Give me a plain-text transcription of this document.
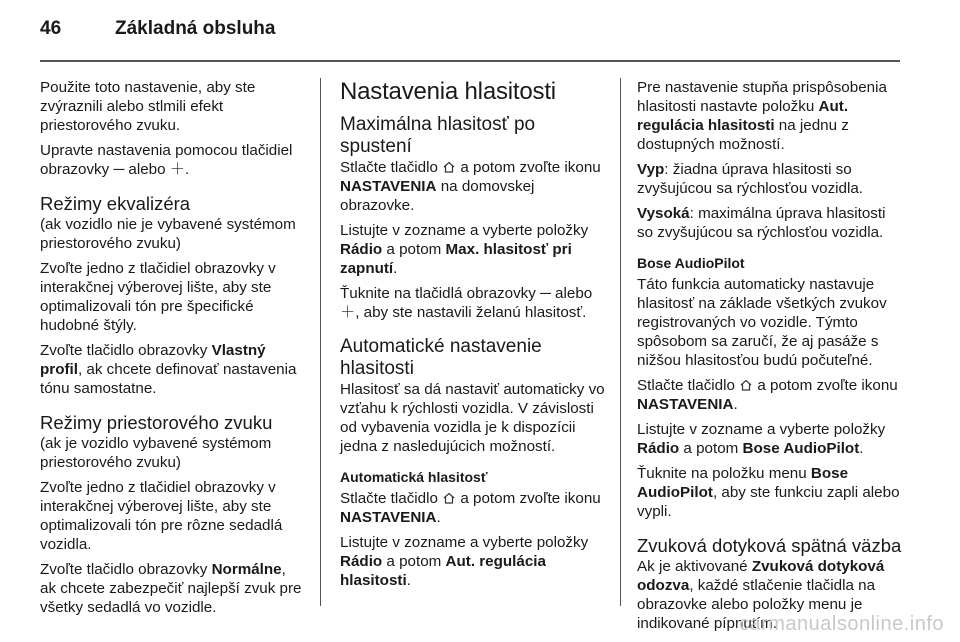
46	Základná obsluha

Použite toto nastavenie, aby ste zvýraznili alebo stlmili efekt priestorového zvuku.

Upravte nastavenia pomocou tlačidiel obrazovky ─ alebo ＋.

Režimy ekvalizéra

(ak vozidlo nie je vybavené systémom priestorového zvuku)

Zvoľte jedno z tlačidiel obrazovky v interakčnej výberovej lište, aby ste optimalizovali tón pre špecifické hudobné štýly.

Zvoľte tlačidlo obrazovky Vlastný profil, ak chcete definovať nastavenia tónu samostatne.

Režimy priestorového zvuku

(ak je vozidlo vybavené systémom priestorového zvuku)

Zvoľte jedno z tlačidiel obrazovky v interakčnej výberovej lište, aby ste optimalizovali tón pre rôzne sedadlá vozidla.

Zvoľte tlačidlo obrazovky Normálne, ak chcete zabezpečiť najlepší zvuk pre všetky sedadlá vo vozidle.

Nastavenia hlasitosti
Maximálna hlasitosť po spustení

Stlačte tlačidlo  a potom zvoľte ikonu NASTAVENIA na domovskej obrazovke.

Listujte v zozname a vyberte položky Rádio a potom Max. hlasitosť pri zapnutí.

Ťuknite na tlačidlá obrazovky ─ alebo ＋, aby ste nastavili želanú hlasitosť.

Automatické nastavenie hlasitosti

Hlasitosť sa dá nastaviť automaticky vo vzťahu k rýchlosti vozidla. V závislosti od vybavenia vozidla je k dispozícii jedna z nasledujúcich možností.

Automatická hlasitosť

Stlačte tlačidlo  a potom zvoľte ikonu NASTAVENIA.

Listujte v zozname a vyberte položky Rádio a potom Aut. regulácia hlasitosti.

Pre nastavenie stupňa prispôsobenia hlasitosti nastavte položku Aut. regulácia hlasitosti na jednu z dostupných možností.

Vyp: žiadna úprava hlasitosti so zvyšujúcou sa rýchlosťou vozidla.

Vysoká: maximálna úprava hlasitosti so zvyšujúcou sa rýchlosťou vozidla.

Bose AudioPilot

Táto funkcia automaticky nastavuje hlasitosť na základe všetkých zvukov registrovaných vo vozidle. Týmto spôsobom sa zaručí, že aj pasáže s nižšou hlasitosťou budú počuteľné.

Stlačte tlačidlo  a potom zvoľte ikonu NASTAVENIA.

Listujte v zozname a vyberte položky Rádio a potom Bose AudioPilot.

Ťuknite na položku menu Bose AudioPilot, aby ste funkciu zapli alebo vypli.

Zvuková dotyková spätná väzba

Ak je aktivované Zvuková dotyková odozva, každé stlačenie tlačidla na obrazovke alebo položky menu je indikované pípnutím.

carmanualsonline.info
